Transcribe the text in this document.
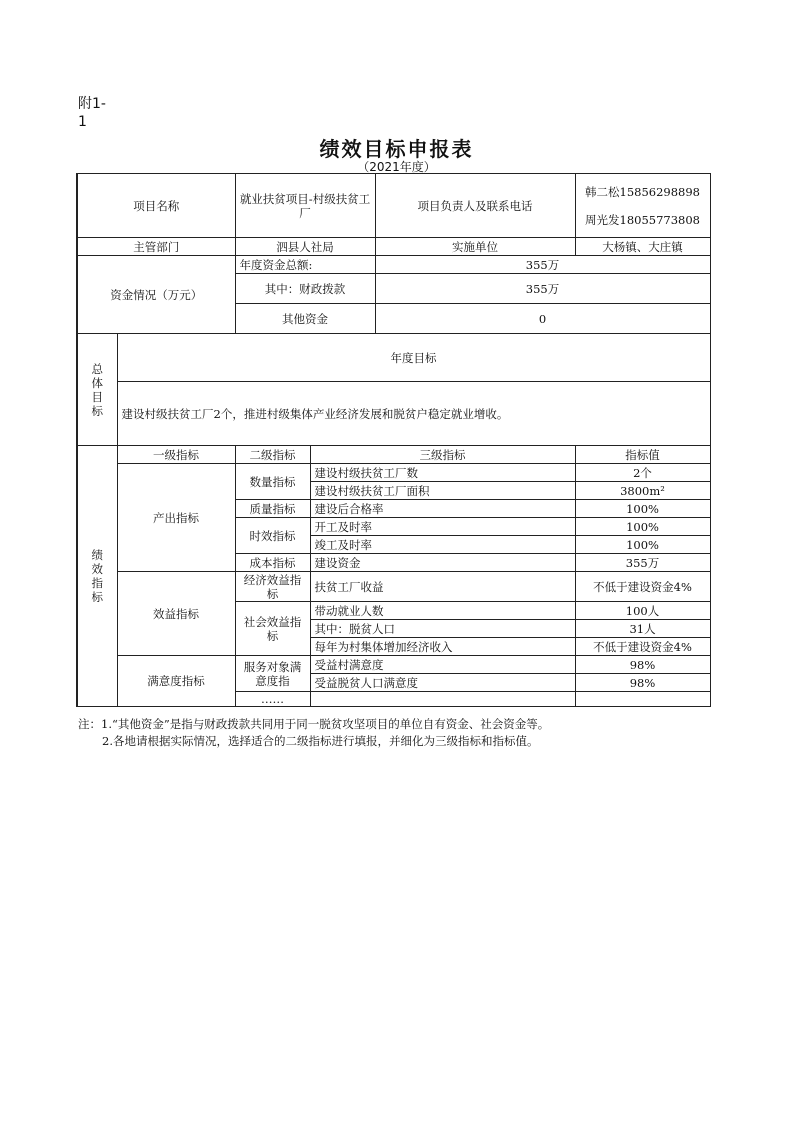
附1-1
绩效目标申报表
（2021年度）
项目名称		就业扶贫项目-村级扶贫工厂		项目负责人及联系电话	韩二松15856298898
周光发18055773808

主管部门		泗县人社局		实施单位	大杨镇、大庄镇
资金情况（万元）		年度资金总额:		355万	
		其中：财政拨款		355万	
		其他资金		0	
总体目标	年度目标				
	建设村级扶贫工厂2个，推进村级集体产业经济发展和脱贫户稳定就业增收。				
绩效指标	一级指标	二级指标	三级指标		指标值
	产出指标	数量指标	建设村级扶贫工厂数		2个
			建设村级扶贫工厂面积		3800m²
		质量指标	建设后合格率		100%
		时效指标	开工及时率		100%
			竣工及时率		100%
		成本指标	建设资金		355万
	效益指标	经济效益指标	扶贫工厂收益		不低于建设资金4%
		社会效益指标	带动就业人数		100人
			其中：脱贫人口		31人
			每年为村集体增加经济收入		不低于建设资金4%
	满意度指标	服务对象满意度指	受益村满意度		98%
			受益脱贫人口满意度		98%
		……			
注：1.“其他资金”是指与财政拨款共同用于同一脱贫攻坚项目的单位自有资金、社会资金等。
2.各地请根据实际情况，选择适合的二级指标进行填报，并细化为三级指标和指标值。
